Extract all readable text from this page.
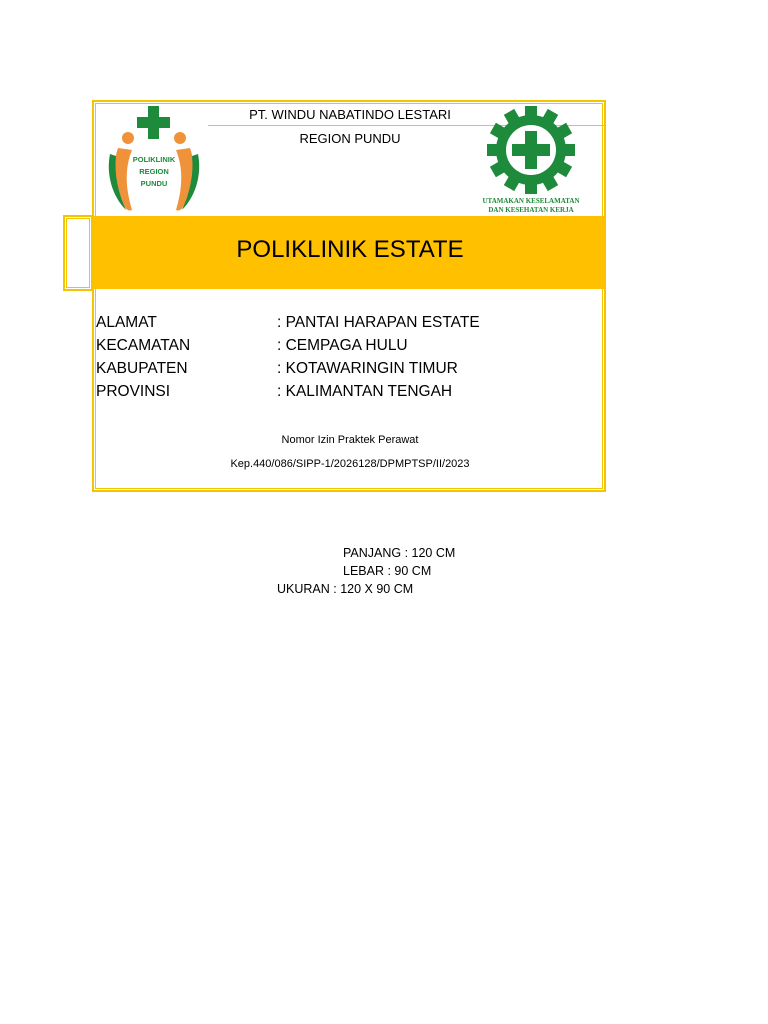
POLIKLINIK
REGION
PUNDU
PT. WINDU NABATINDO LESTARI
REGION PUNDU
UTAMAKAN KESELAMATAN
DAN KESEHATAN KERJA
POLIKLINIK ESTATE
ALAMAT	: PANTAI HARAPAN ESTATE
KECAMATAN	: CEMPAGA HULU
KABUPATEN	: KOTAWARINGIN TIMUR
PROVINSI	: KALIMANTAN TENGAH
Nomor Izin Praktek Perawat
Kep.440/086/SIPP-1/2026128/DPMPTSP/II/2023
PANJANG : 120 CM
LEBAR : 90 CM
UKURAN : 120 X 90 CM
